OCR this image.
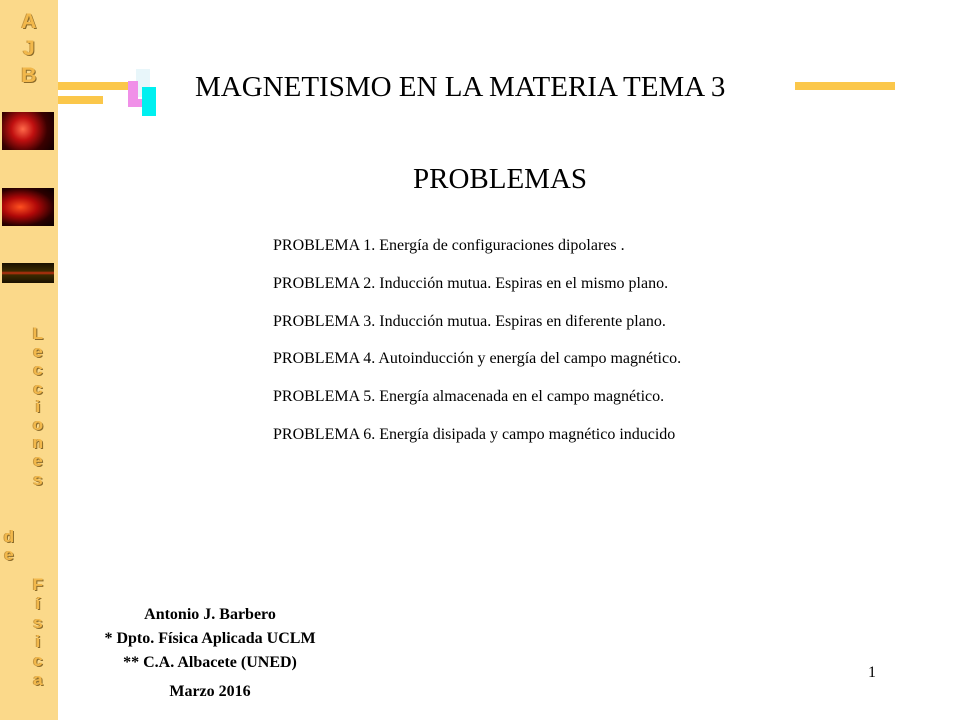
A
J
B
L
e
c
c
i
o
n
e
s
d
e
F
í
s
i
c
a
MAGNETISMO EN LA MATERIA TEMA 3
PROBLEMAS
PROBLEMA 1. Energía de configuraciones dipolares .
PROBLEMA 2. Inducción mutua. Espiras en el mismo plano.
PROBLEMA 3. Inducción mutua. Espiras en diferente plano.
PROBLEMA 4. Autoinducción y energía del campo magnético.
PROBLEMA 5. Energía almacenada en el campo magnético.
PROBLEMA 6. Energía disipada y campo magnético inducido
Antonio J. Barbero
* Dpto. Física Aplicada UCLM
** C.A. Albacete (UNED)
Marzo 2016
1
